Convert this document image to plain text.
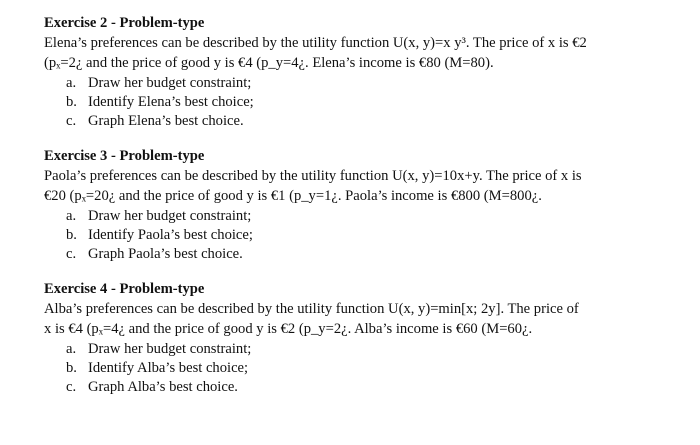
Exercise 2 - Problem-type

Elena’s preferences can be described by the utility function U(x, y)=x y³. The price of x is €2
(pₓ=2¿ and the price of good y is €4 (p_y=4¿. Elena’s income is €80 (M=80).

a. Draw her budget constraint;
b. Identify Elena’s best choice;
c. Graph Elena’s best choice.

Exercise 3 - Problem-type

Paola’s preferences can be described by the utility function U(x, y)=10x+y. The price of x is
€20 (pₓ=20¿ and the price of good y is €1 (p_y=1¿. Paola’s income is €800 (M=800¿.

a. Draw her budget constraint;
b. Identify Paola’s best choice;
c. Graph Paola’s best choice.

Exercise 4 - Problem-type

Alba’s preferences can be described by the utility function U(x, y)=min[x; 2y]. The price of
x is €4 (pₓ=4¿ and the price of good y is €2 (p_y=2¿. Alba’s income is €60 (M=60¿.

a. Draw her budget constraint;
b. Identify Alba’s best choice;
c. Graph Alba’s best choice.
